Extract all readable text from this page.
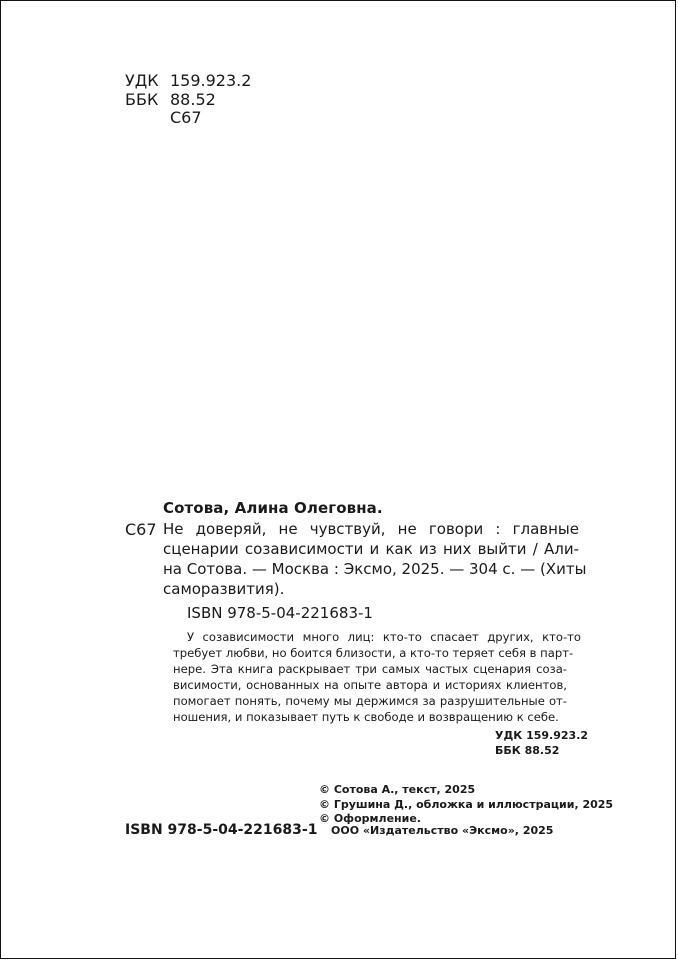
УДК 159.923.2
ББК 88.52
С67
Сотова, Алина Олеговна.
С67 Не доверяй, не чувствуй, не говори : главные
сценарии созависимости и как из них выйти / Али-
на Сотова. — Москва : Эксмо, 2025. — 304 с. — (Хиты
саморазвития).
ISBN 978-5-04-221683-1
У созависимости много лиц: кто-то спасает других, кто-то
требует любви, но боится близости, а кто-то теряет себя в парт-
нере. Эта книга раскрывает три самых частых сценария соза-
висимости, основанных на опыте автора и историях клиентов,
помогает понять, почему мы держимся за разрушительные от-
ношения, и показывает путь к свободе и возвращению к себе.
УДК 159.923.2
ББК 88.52
© Сотова А., текст, 2025
© Грушина Д., обложка и иллюстрации, 2025
© Оформление.
ООО «Издательство «Эксмо», 2025
ISBN 978-5-04-221683-1
